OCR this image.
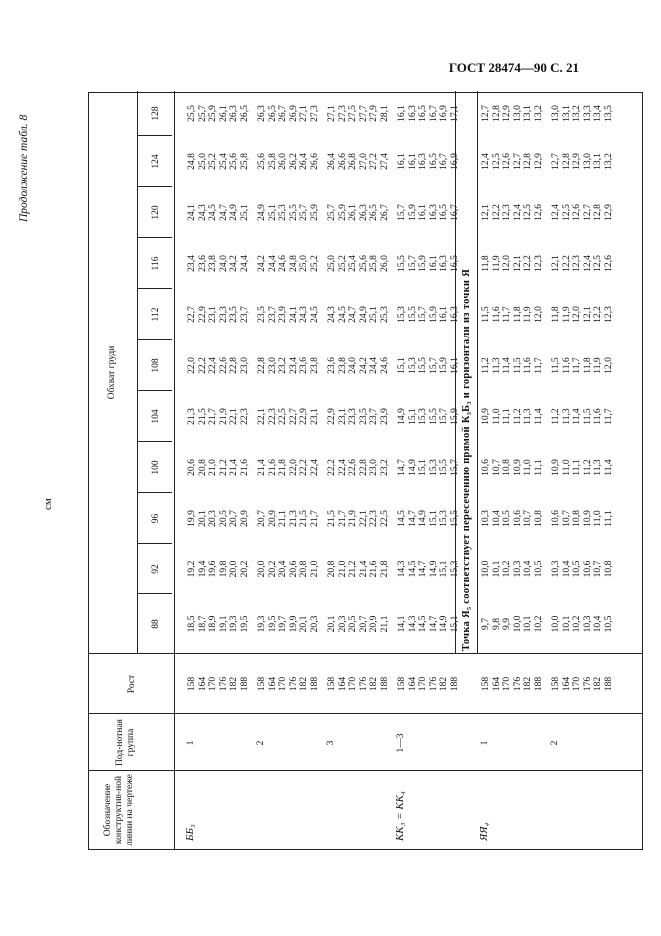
ГОСТ 28474—90 С. 21
Продолжение табл. 8
см
Обозначение конструктив-ной линии на чертеже
Под-нотная группа
Рост
Обхват груди
88
92
96
100
104
108
112
116
120
124
128
ББ₃
1
158 164 170 176 182 188
18,5
19,2
19,9
20,6
21,3
22,0
22,7
23,4
24,1
24,8
25,5
18,7
19,4
20,1
20,8
21,5
22,2
22,9
23,6
24,3
25,0
25,7
18,9
19,6
20,3
21,0
21,7
22,4
23,1
23,8
24,5
25,2
25,9
19,1
19,8
20,5
21,2
21,9
22,6
23,3
24,0
24,7
25,4
26,1
19,3
20,0
20,7
21,4
22,1
22,8
23,5
24,2
24,9
25,6
26,3
19,5
20,2
20,9
21,6
22,3
23,0
23,7
24,4
25,1
25,8
26,5
2
158 164 170 176 182 188
19,3
20,0
20,7
21,4
22,1
22,8
23,5
24,2
24,9
25,6
26,3
19,5
20,2
20,9
21,6
22,3
23,0
23,7
24,4
25,1
25,8
26,5
19,7
20,4
21,1
21,8
22,5
23,2
23,9
24,6
25,3
26,0
26,7
19,9
20,6
21,3
22,0
22,7
23,4
24,1
24,8
25,5
26,2
26,9
20,1
20,8
21,5
22,2
22,9
23,6
24,3
25,0
25,7
26,4
27,1
20,3
21,0
21,7
22,4
23,1
23,8
24,5
25,2
25,9
26,6
27,3
3
158 164 170 176 182 188
20,1
20,8
21,5
22,2
22,9
23,6
24,3
25,0
25,7
26,4
27,1
20,3
21,0
21,7
22,4
23,1
23,8
24,5
25,2
25,9
26,6
27,3
20,5
21,2
21,9
22,6
23,3
24,0
24,7
25,4
26,1
26,8
27,5
20,7
21,4
22,1
22,8
23,5
24,2
24,9
25,6
26,3
27,0
27,7
20,9
21,6
22,3
23,0
23,7
24,4
25,1
25,8
26,5
27,2
27,9
21,1
21,8
22,5
23,2
23,9
24,6
25,3
26,0
26,7
27,4
28,1
КК₃ = КК₄
1—3
158 164 170 176 182 188
14,1
14,3
14,5
14,7
14,9
15,1
15,3
15,5
15,7
16,1
16,1
14,3
14,5
14,7
14,9
15,1
15,3
15,5
15,7
15,9
16,1
16,3
14,5
14,7
14,9
15,1
15,3
15,5
15,7
15,9
16,1
16,3
16,5
14,7
14,9
15,1
15,3
15,5
15,7
15,9
16,1
16,3
16,5
16,7
14,9
15,1
15,3
15,5
15,7
15,9
16,1
16,3
16,5
16,7
16,9
15,1
15,3
15,5
15,7
15,9
16,1
16,3
16,5
16,7
16,9
17,1
ЯЯ₄
1
158 164 170 176 182 188
9,7
10,0
10,3
10,6
10,9
11,2
11,5
11,8
12,1
12,4
12,7
9,8
10,1
10,4
10,7
11,0
11,3
11,6
11,9
12,2
12,5
12,8
9,9
10,2
10,5
10,8
11,1
11,4
11,7
12,0
12,3
12,6
12,9
10,0
10,3
10,6
10,9
11,2
11,5
11,8
12,1
12,4
12,7
13,0
10,1
10,4
10,7
11,0
11,3
11,6
11,9
12,2
12,5
12,8
13,1
10,2
10,5
10,8
11,1
11,4
11,7
12,0
12,3
12,6
12,9
13,2
2
158 164 170 176 182 188
10,0
10,3
10,6
10,9
11,2
11,5
11,8
12,1
12,4
12,7
13,0
10,1
10,4
10,7
11,0
11,3
11,6
11,9
12,2
12,5
12,8
13,1
10,2
10,5
10,8
11,1
11,4
11,7
12,0
12,3
12,6
12,9
13,2
10,3
10,6
10,9
11,2
11,5
11,8
12,1
12,4
12,7
13,0
13,3
10,4
10,7
11,0
11,3
11,6
11,9
12,2
12,5
12,8
13,1
13,4
10,5
10,8
11,1
11,4
11,7
12,0
12,3
12,6
12,9
13,2
13,5
Точка Я₅ соответствует пересечению прямой К₃Б₃ и горизонтали из точки Я
